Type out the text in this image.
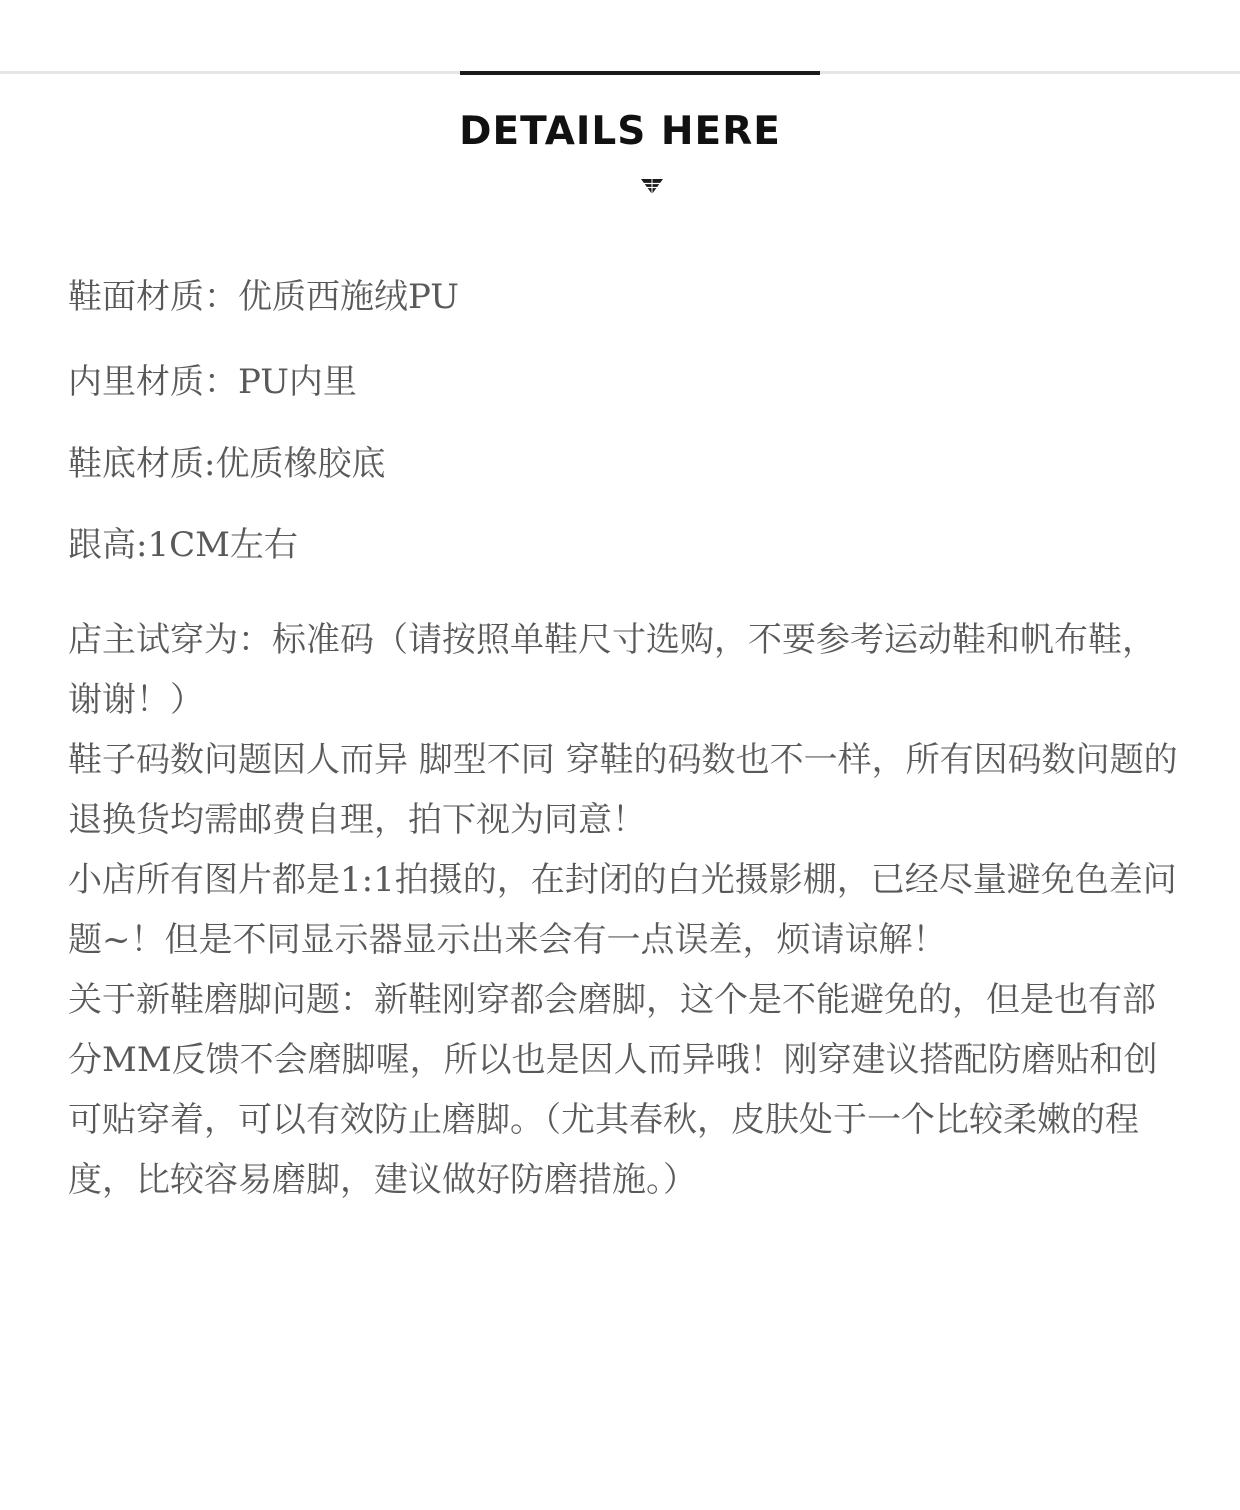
DETAILS HERE

鞋面材质：优质西施绒PU

内里材质：PU内里

鞋底材质:优质橡胶底

跟高:1CM左右

店主试穿为：标准码（请按照单鞋尺寸选购，不要参考运动鞋和帆布鞋，谢谢！）

鞋子码数问题因人而异 脚型不同 穿鞋的码数也不一样，所有因码数问题的退换货均需邮费自理，拍下视为同意！

小店所有图片都是1:1拍摄的，在封闭的白光摄影棚，已经尽量避免色差问题~！但是不同显示器显示出来会有一点误差，烦请谅解！

关于新鞋磨脚问题：新鞋刚穿都会磨脚，这个是不能避免的，但是也有部分MM反馈不会磨脚喔，所以也是因人而异哦！刚穿建议搭配防磨贴和创可贴穿着，可以有效防止磨脚。（尤其春秋，皮肤处于一个比较柔嫩的程度，比较容易磨脚，建议做好防磨措施。）
